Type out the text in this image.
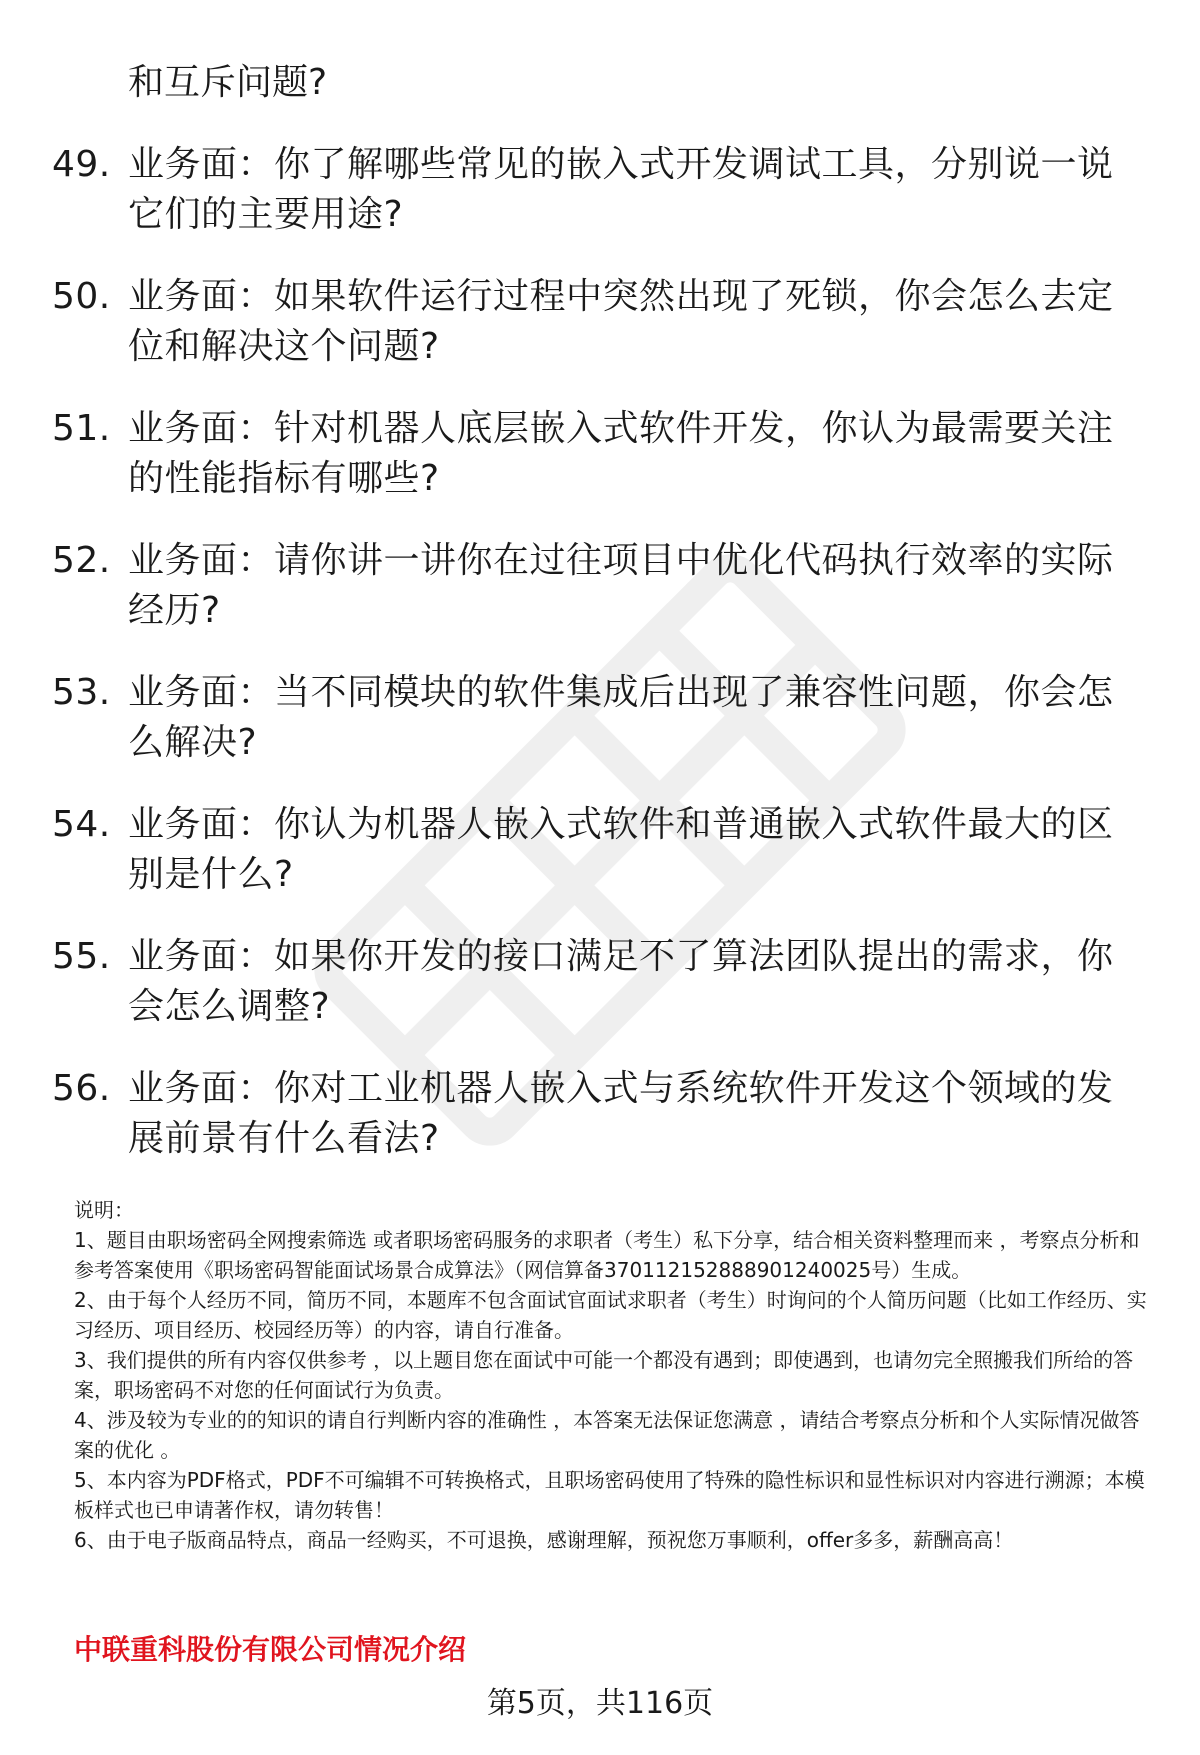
和互斥问题?
49. 业务面：你了解哪些常见的嵌入式开发调试工具，分别说一说它们的主要用途?
50. 业务面：如果软件运行过程中突然出现了死锁，你会怎么去定位和解决这个问题?
51. 业务面：针对机器人底层嵌入式软件开发，你认为最需要关注的性能指标有哪些?
52. 业务面：请你讲一讲你在过往项目中优化代码执行效率的实际经历?
53. 业务面：当不同模块的软件集成后出现了兼容性问题，你会怎么解决?
54. 业务面：你认为机器人嵌入式软件和普通嵌入式软件最大的区别是什么?
55. 业务面：如果你开发的接口满足不了算法团队提出的需求，你会怎么调整?
56. 业务面：你对工业机器人嵌入式与系统软件开发这个领域的发展前景有什么看法?

说明：

1、题目由职场密码全网搜索筛选 或者职场密码服务的求职者（考生）私下分享，结合相关资料整理而来 ，考察点分析和参考答案使用《职场密码智能面试场景合成算法》（网信算备370112152888901240025号）生成。

2、由于每个人经历不同，简历不同，本题库不包含面试官面试求职者（考生）时询问的个人简历问题（比如工作经历、实习经历、项目经历、校园经历等）的内容，请自行准备。

3、我们提供的所有内容仅供参考 ，以上题目您在面试中可能一个都没有遇到；即使遇到，也请勿完全照搬我们所给的答案，职场密码不对您的任何面试行为负责。

4、涉及较为专业的的知识的请自行判断内容的准确性 ，本答案无法保证您满意 ，请结合考察点分析和个人实际情况做答案的优化 。

5、本内容为PDF格式，PDF不可编辑不可转换格式，且职场密码使用了特殊的隐性标识和显性标识对内容进行溯源；本模板样式也已申请著作权，请勿转售！

6、由于电子版商品特点，商品一经购买，不可退换，感谢理解，预祝您万事顺利，offer多多，薪酬高高！

中联重科股份有限公司情况介绍
第5页，共116页
